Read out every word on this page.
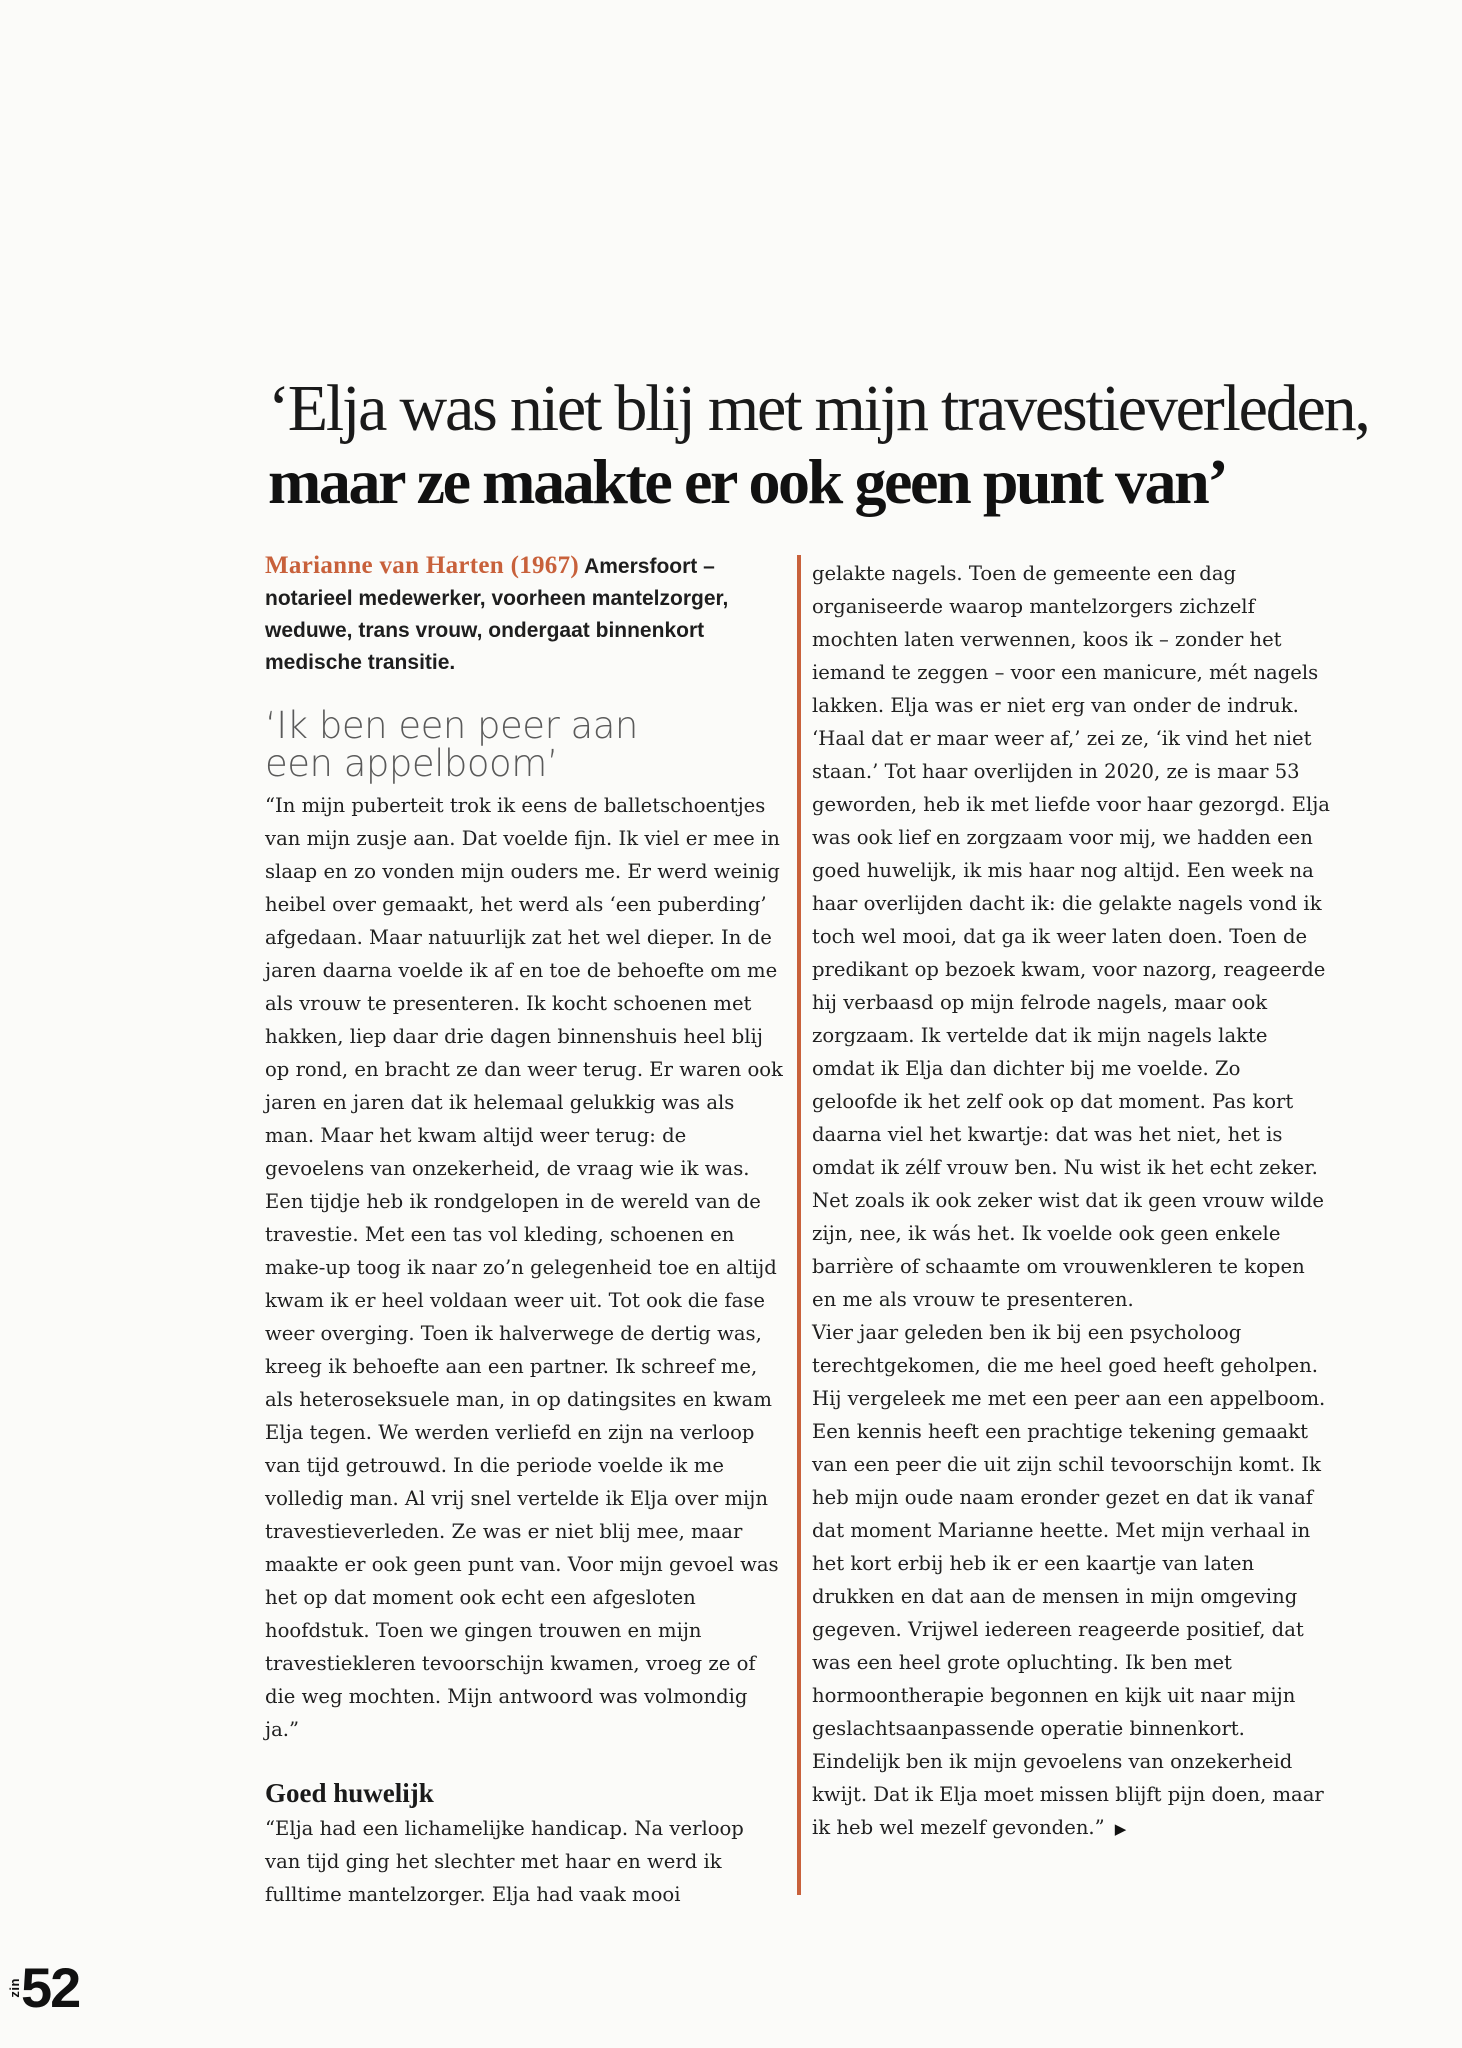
‘Elja was niet blij met mijn travestieverleden,
maar ze maakte er ook geen punt van’

Marianne van Harten (1967) Amersfoort – notarieel medewerker, voorheen mantelzorger, weduwe, trans vrouw, ondergaat binnenkort medische transitie.

‘Ik ben een peer aan
een appelboom’

“In mijn puberteit trok ik eens de balletschoentjes van mijn zusje aan. Dat voelde fijn. Ik viel er mee in slaap en zo vonden mijn ouders me. Er werd weinig heibel over gemaakt, het werd als ‘een puberding’ afgedaan. Maar natuurlijk zat het wel dieper. In de jaren daarna voelde ik af en toe de behoefte om me als vrouw te presenteren. Ik kocht schoenen met hakken, liep daar drie dagen binnenshuis heel blij op rond, en bracht ze dan weer terug. Er waren ook jaren en jaren dat ik helemaal gelukkig was als man. Maar het kwam altijd weer terug: de gevoelens van onzekerheid, de vraag wie ik was. Een tijdje heb ik rondgelopen in de wereld van de travestie. Met een tas vol kleding, schoenen en make-up toog ik naar zo’n gelegenheid toe en altijd kwam ik er heel voldaan weer uit. Tot ook die fase weer overging. Toen ik halverwege de dertig was, kreeg ik behoefte aan een partner. Ik schreef me, als heteroseksuele man, in op datingsites en kwam Elja tegen. We werden verliefd en zijn na verloop van tijd getrouwd. In die periode voelde ik me volledig man. Al vrij snel vertelde ik Elja over mijn travestieverleden. Ze was er niet blij mee, maar maakte er ook geen punt van. Voor mijn gevoel was het op dat moment ook echt een afgesloten hoofdstuk. Toen we gingen trouwen en mijn travestiekleren tevoorschijn kwamen, vroeg ze of die weg mochten. Mijn antwoord was volmondig ja.”

Goed huwelijk

“Elja had een lichamelijke handicap. Na verloop van tijd ging het slechter met haar en werd ik fulltime mantelzorger. Elja had vaak mooi

gelakte nagels. Toen de gemeente een dag organiseerde waarop mantelzorgers zichzelf mochten laten verwennen, koos ik – zonder het iemand te zeggen – voor een manicure, mét nagels lakken. Elja was er niet erg van onder de indruk. ‘Haal dat er maar weer af,’ zei ze, ‘ik vind het niet staan.’ Tot haar overlijden in 2020, ze is maar 53 geworden, heb ik met liefde voor haar gezorgd. Elja was ook lief en zorgzaam voor mij, we hadden een goed huwelijk, ik mis haar nog altijd. Een week na haar overlijden dacht ik: die gelakte nagels vond ik toch wel mooi, dat ga ik weer laten doen. Toen de predikant op bezoek kwam, voor nazorg, reageerde hij verbaasd op mijn felrode nagels, maar ook zorgzaam. Ik vertelde dat ik mijn nagels lakte omdat ik Elja dan dichter bij me voelde. Zo geloofde ik het zelf ook op dat moment. Pas kort daarna viel het kwartje: dat was het niet, het is omdat ik zélf vrouw ben. Nu wist ik het echt zeker. Net zoals ik ook zeker wist dat ik geen vrouw wilde zijn, nee, ik wás het. Ik voelde ook geen enkele barrière of schaamte om vrouwenkleren te kopen en me als vrouw te presenteren.

Vier jaar geleden ben ik bij een psycholoog terechtgekomen, die me heel goed heeft geholpen. Hij vergeleek me met een peer aan een appelboom. Een kennis heeft een prachtige tekening gemaakt van een peer die uit zijn schil tevoorschijn komt. Ik heb mijn oude naam eronder gezet en dat ik vanaf dat moment Marianne heette. Met mijn verhaal in het kort erbij heb ik er een kaartje van laten drukken en dat aan de mensen in mijn omgeving gegeven. Vrijwel iedereen reageerde positief, dat was een heel grote opluchting. Ik ben met hormoontherapie begonnen en kijk uit naar mijn geslachtsaanpassende operatie binnenkort. Eindelijk ben ik mijn gevoelens van onzekerheid kwijt. Dat ik Elja moet missen blijft pijn doen, maar ik heb wel mezelf gevonden.” ▶

zin 52
